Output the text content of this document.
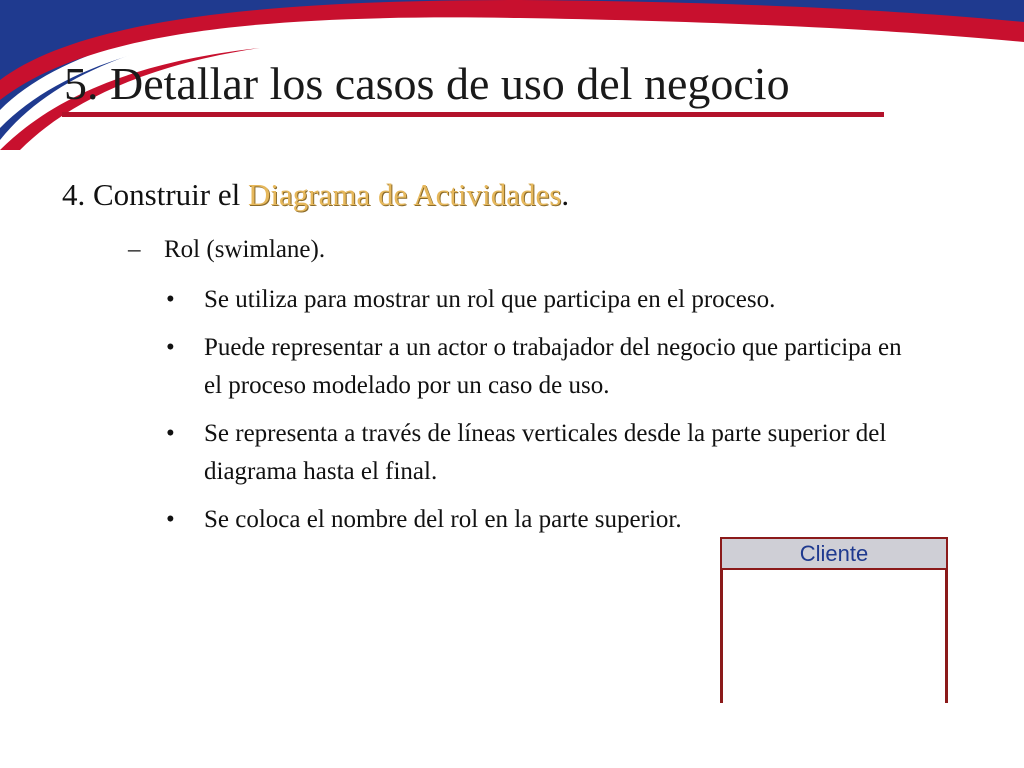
5. Detallar los casos de uso del negocio
4. Construir el Diagrama de Actividades.
– Rol (swimlane).
• Se utiliza para mostrar un rol que participa en el proceso.
• Puede representar a un actor o trabajador del negocio que participa en el proceso modelado por un caso de uso.
• Se representa a través de líneas verticales desde la parte superior del diagrama hasta el final.
• Se coloca el nombre del rol en la parte superior.
Cliente
